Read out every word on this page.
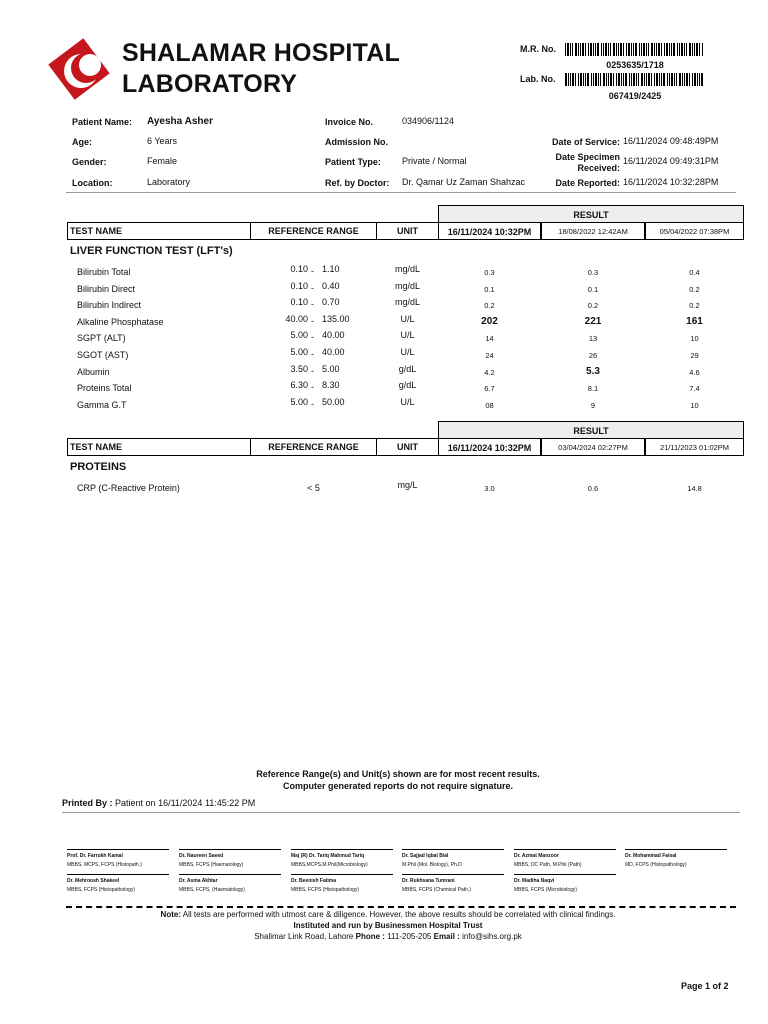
SHALAMAR HOSPITAL
LABORATORY
M.R. No.
0253635/1718
Lab. No.
067419/2425
Patient Name: Ayesha Asher
Age:	6 Years
Gender:	Female
Location:	Laboratory
Invoice No.	034906/1124
Admission No.
Patient Type: Private / Normal
Ref. by Doctor: Dr. Qamar Uz Zaman Shahzac
Date of Service: 16/11/2024 09:48:49PM
Date Specimen
Received:
16/11/2024 09:49:31PM
Date Reported: 16/11/2024 10:32:28PM
RESULT
TEST NAME	REFERENCE RANGE	UNIT	16/11/2024 10:32PM	18/08/2022 12:42AM	05/04/2022 07:38PM
LIVER FUNCTION TEST (LFT's)
Bilirubin Total	0.10 - 1.10	mg/dL	0.3	0.3	0.4
Bilirubin Direct	0.10 - 0.40	mg/dL	0.1	0.1	0.2
Bilirubin Indirect	0.10 - 0.70	mg/dL	0.2	0.2	0.2
Alkaline Phosphatase	40.00 - 135.00	U/L	202	221	161
SGPT (ALT)	5.00 - 40.00	U/L	14	13	10
SGOT (AST)	5.00 - 40.00	U/L	24	26	29
Albumin	3.50 - 5.00	g/dL	4.2	5.3	4.6
Proteins Total	6.30 - 8.30	g/dL	6.7	8.1	7.4
Gamma G.T	5.00 - 50.00	U/L	08	9	10
RESULT
TEST NAME	REFERENCE RANGE	UNIT	16/11/2024 10:32PM	03/04/2024 02:27PM	21/11/2023 01:02PM
PROTEINS
CRP (C-Reactive Protein)	< 5	mg/L	3.0	0.6	14.8
Reference Range(s) and Unit(s) shown are for most recent results.
Computer generated reports do not require signature.
Printed By : Patient on 16/11/2024 11:45:22 PM
Prof. Dr. Farrukh Kamal
MBBS, MCPS, FCPS (Histopath.)
Dr. Naureen Saeed
MBBS, FCPS (Haematology)
Maj (R) Dr. Tariq Mahmud Tariq
MBBS,MCPS,M.Phil(Microbiology)
Dr. Sajjad Iqbal Bial
M.Phil (Mol. Biology), Ph.D
Dr. Azmat Manzoor
MBBS, DC Path, M.Phil (Path)
Dr. Mohammad Faisal
MD, FCPS (Histopathology)
Dr. Mehroosh Shakeel
MBBS, FCPS (Histopathology)
Dr. Asma Akhtar
MBBS, FCPS, (Haematology)
Dr. Beenish Fatima
MBBS, FCPS (Histopathology)
Dr. Rukhsana Tumrani
MBBS, FCPS (Chemical Path.)
Dr. Madiha Naqvi
MBBS, FCPS (Microbiology)
Note: All tests are performed with utmost care & diligence. However, the above results should be correlated with clinical findings.
Instituted and run by Businessmen Hospital Trust
Shalimar Link Road, Lahore Phone : 111-205-205 Email : info@sihs.org.pk
Page 1 of 2
